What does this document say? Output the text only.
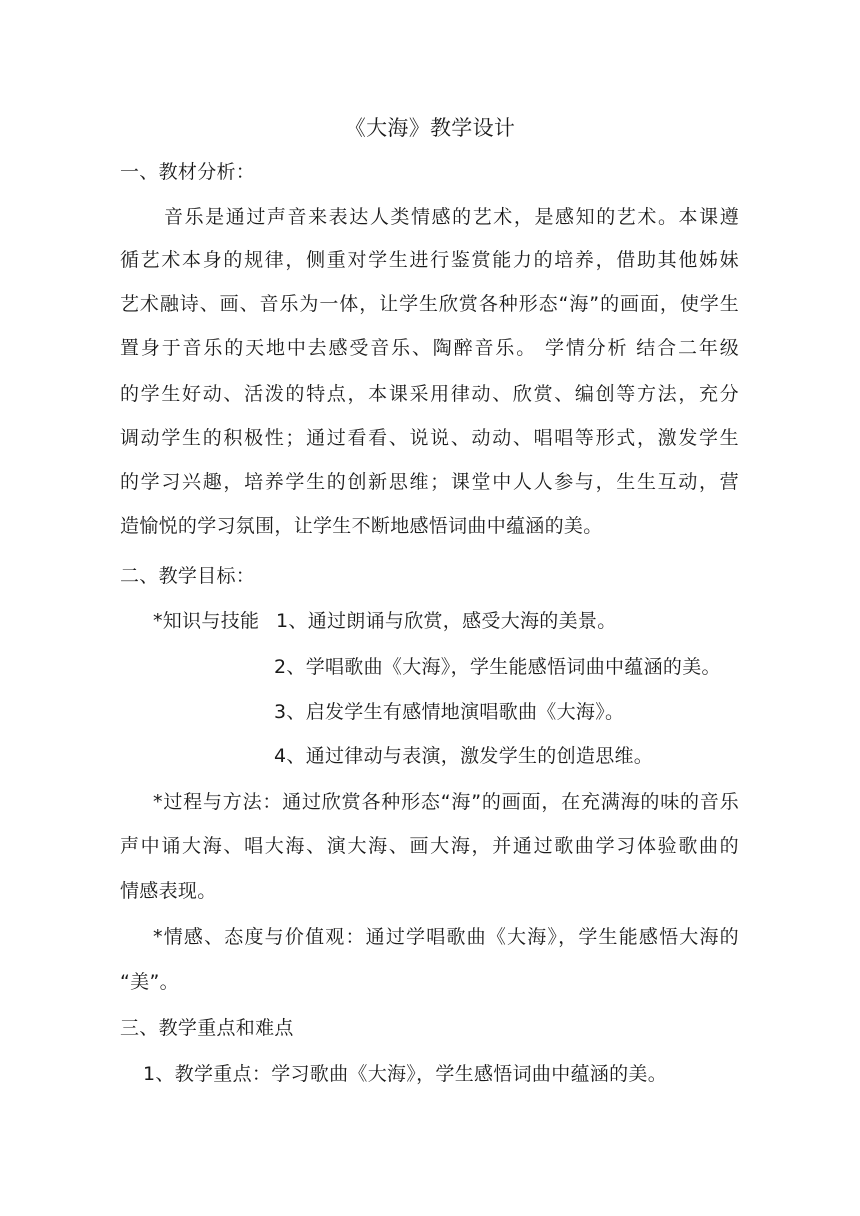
《大海》教学设计
一、教材分析：
音乐是通过声音来表达人类情感的艺术，是感知的艺术。本课遵
循艺术本身的规律，侧重对学生进行鉴赏能力的培养，借助其他姊妹
艺术融诗、画、音乐为一体，让学生欣赏各种形态“海”的画面，使学生
置身于音乐的天地中去感受音乐、陶醉音乐。 学情分析 结合二年级
的学生好动、活泼的特点，本课采用律动、欣赏、编创等方法，充分
调动学生的积极性；通过看看、说说、动动、唱唱等形式，激发学生
的学习兴趣，培养学生的创新思维；课堂中人人参与，生生互动，营
造愉悦的学习氛围，让学生不断地感悟词曲中蕴涵的美。
二、教学目标：
*知识与技能 1、通过朗诵与欣赏，感受大海的美景。
2、学唱歌曲《大海》，学生能感悟词曲中蕴涵的美。
3、启发学生有感情地演唱歌曲《大海》。
4、通过律动与表演，激发学生的创造思维。
*过程与方法：通过欣赏各种形态“海”的画面，在充满海的味的音乐
声中诵大海、唱大海、演大海、画大海，并通过歌曲学习体验歌曲的
情感表现。
*情感、态度与价值观：通过学唱歌曲《大海》，学生能感悟大海的
“美”。
三、教学重点和难点
1、教学重点：学习歌曲《大海》，学生感悟词曲中蕴涵的美。
